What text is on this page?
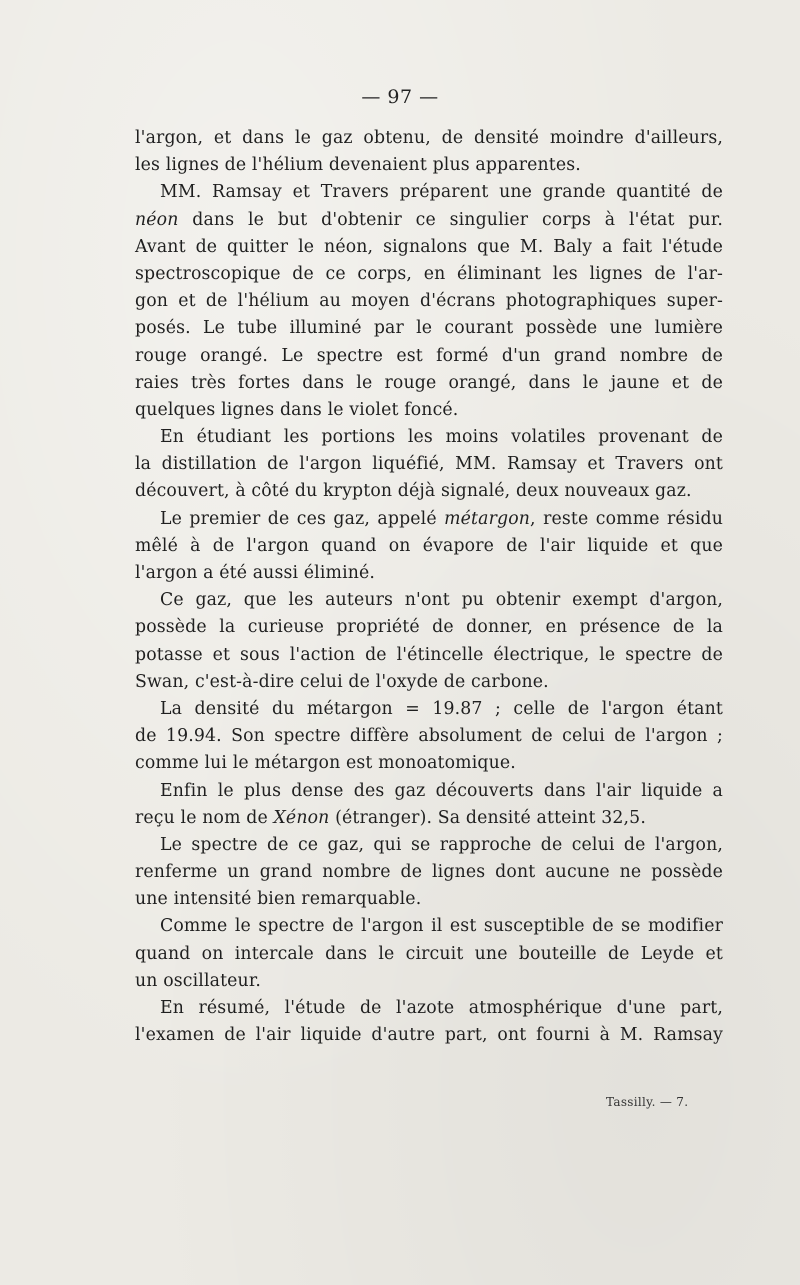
— 97 —
l'argon, et dans le gaz obtenu, de densité moindre d'ailleurs,
les lignes de l'hélium devenaient plus apparentes.
MM. Ramsay et Travers préparent une grande quantité de
néon dans le but d'obtenir ce singulier corps à l'état pur.
Avant de quitter le néon, signalons que M. Baly a fait l'étude
spectroscopique de ce corps, en éliminant les lignes de l'ar-
gon et de l'hélium au moyen d'écrans photographiques super-
posés. Le tube illuminé par le courant possède une lumière
rouge orangé. Le spectre est formé d'un grand nombre de
raies très fortes dans le rouge orangé, dans le jaune et de
quelques lignes dans le violet foncé.
En étudiant les portions les moins volatiles provenant de
la distillation de l'argon liquéfié, MM. Ramsay et Travers ont
découvert, à côté du krypton déjà signalé, deux nouveaux gaz.
Le premier de ces gaz, appelé métargon, reste comme résidu
mêlé à de l'argon quand on évapore de l'air liquide et que
l'argon a été aussi éliminé.
Ce gaz, que les auteurs n'ont pu obtenir exempt d'argon,
possède la curieuse propriété de donner, en présence de la
potasse et sous l'action de l'étincelle électrique, le spectre de
Swan, c'est-à-dire celui de l'oxyde de carbone.
La densité du métargon = 19.87 ; celle de l'argon étant
de 19.94. Son spectre diffère absolument de celui de l'argon ;
comme lui le métargon est monoatomique.
Enfin le plus dense des gaz découverts dans l'air liquide a
reçu le nom de Xénon (étranger). Sa densité atteint 32,5.
Le spectre de ce gaz, qui se rapproche de celui de l'argon,
renferme un grand nombre de lignes dont aucune ne possède
une intensité bien remarquable.
Comme le spectre de l'argon il est susceptible de se modifier
quand on intercale dans le circuit une bouteille de Leyde et
un oscillateur.
En résumé, l'étude de l'azote atmosphérique d'une part,
l'examen de l'air liquide d'autre part, ont fourni à M. Ramsay
Tassilly. — 7.
